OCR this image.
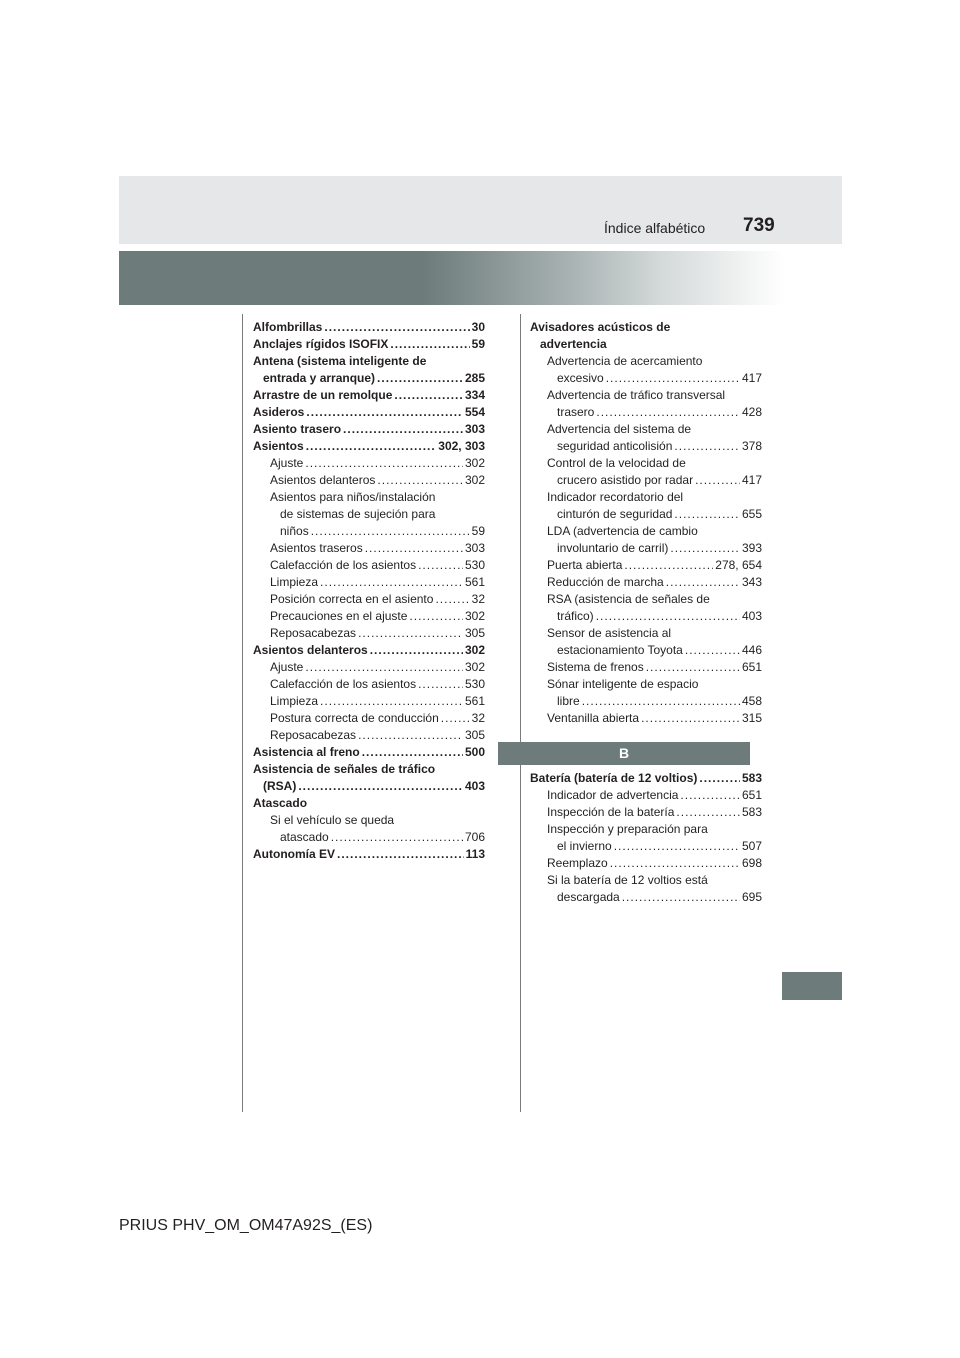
Índice alfabético 739
Alfombrillas .....	30
Anclajes rígidos ISOFIX .....	59
Antena (sistema inteligente de
entrada y arranque) .....	285
Arrastre de un remolque .....	334
Asideros .....	554
Asiento trasero .....	303
Asientos .....	302, 303
Ajuste .....	302
Asientos delanteros .....	302
Asientos para niños/instalación
de sistemas de sujeción para
niños .....	59
Asientos traseros .....	303
Calefacción de los asientos .....	530
Limpieza .....	561
Posición correcta en el asiento .....	32
Precauciones en el ajuste .....	302
Reposacabezas .....	305
Asientos delanteros .....	302
Ajuste .....	302
Calefacción de los asientos .....	530
Limpieza .....	561
Postura correcta de conducción .....	32
Reposacabezas .....	305
Asistencia al freno .....	500
Asistencia de señales de tráfico
(RSA) .....	403
Atascado
Si el vehículo se queda
atascado .....	706
Autonomía EV .....	113
Avisadores acústicos de
advertencia
Advertencia de acercamiento
excesivo .....	417
Advertencia de tráfico transversal
trasero .....	428
Advertencia del sistema de
seguridad anticolisión .....	378
Control de la velocidad de
crucero asistido por radar .....	417
Indicador recordatorio del
cinturón de seguridad .....	655
LDA (advertencia de cambio
involuntario de carril) .....	393
Puerta abierta .....	278, 654
Reducción de marcha .....	343
RSA (asistencia de señales de
tráfico) .....	403
Sensor de asistencia al
estacionamiento Toyota .....	446
Sistema de frenos .....	651
Sónar inteligente de espacio
libre .....	458
Ventanilla abierta .....	315
B
Batería (batería de 12 voltios) .....	583
Indicador de advertencia .....	651
Inspección de la batería .....	583
Inspección y preparación para
el invierno .....	507
Reemplazo .....	698
Si la batería de 12 voltios está
descargada .....	695
PRIUS PHV_OM_OM47A92S_(ES)
